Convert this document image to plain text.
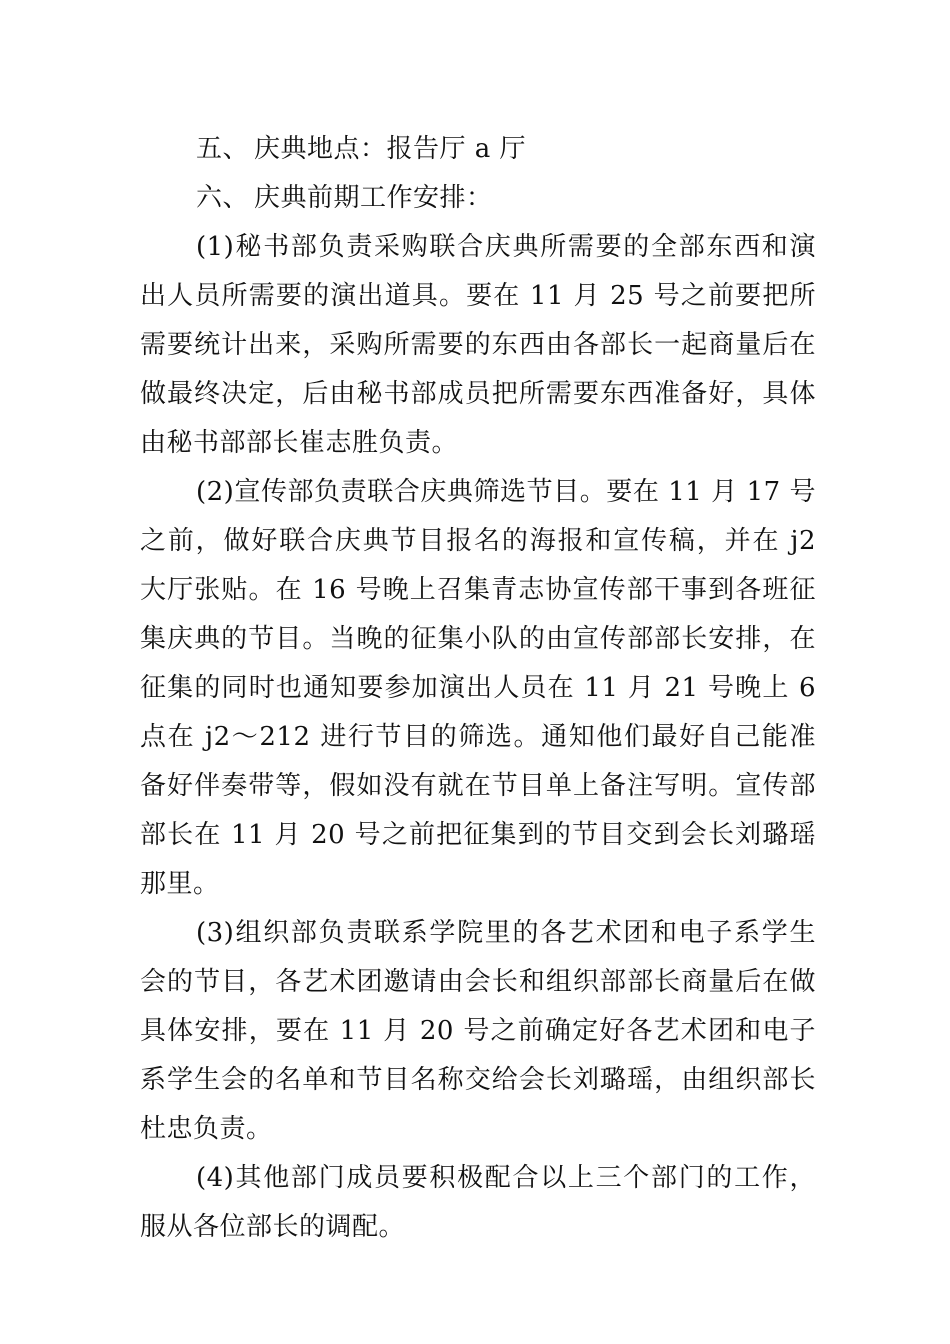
五、 庆典地点：报告厅 a 厅

六、 庆典前期工作安排：

(1)秘书部负责采购联合庆典所需要的全部东西和演出人员所需要的演出道具。要在 11 月 25 号之前要把所需要统计出来，采购所需要的东西由各部长一起商量后在做最终决定，后由秘书部成员把所需要东西准备好，具体由秘书部部长崔志胜负责。

(2)宣传部负责联合庆典筛选节目。要在 11 月 17 号之前，做好联合庆典节目报名的海报和宣传稿，并在 j2 大厅张贴。在 16 号晚上召集青志协宣传部干事到各班征集庆典的节目。当晚的征集小队的由宣传部部长安排，在征集的同时也通知要参加演出人员在 11 月 21 号晚上 6 点在 j2～212 进行节目的筛选。通知他们最好自己能准备好伴奏带等，假如没有就在节目单上备注写明。宣传部部长在 11 月 20 号之前把征集到的节目交到会长刘璐瑶那里。

(3)组织部负责联系学院里的各艺术团和电子系学生会的节目，各艺术团邀请由会长和组织部部长商量后在做具体安排，要在 11 月 20 号之前确定好各艺术团和电子系学生会的名单和节目名称交给会长刘璐瑶，由组织部长杜忠负责。

(4)其他部门成员要积极配合以上三个部门的工作，服从各位部长的调配。
